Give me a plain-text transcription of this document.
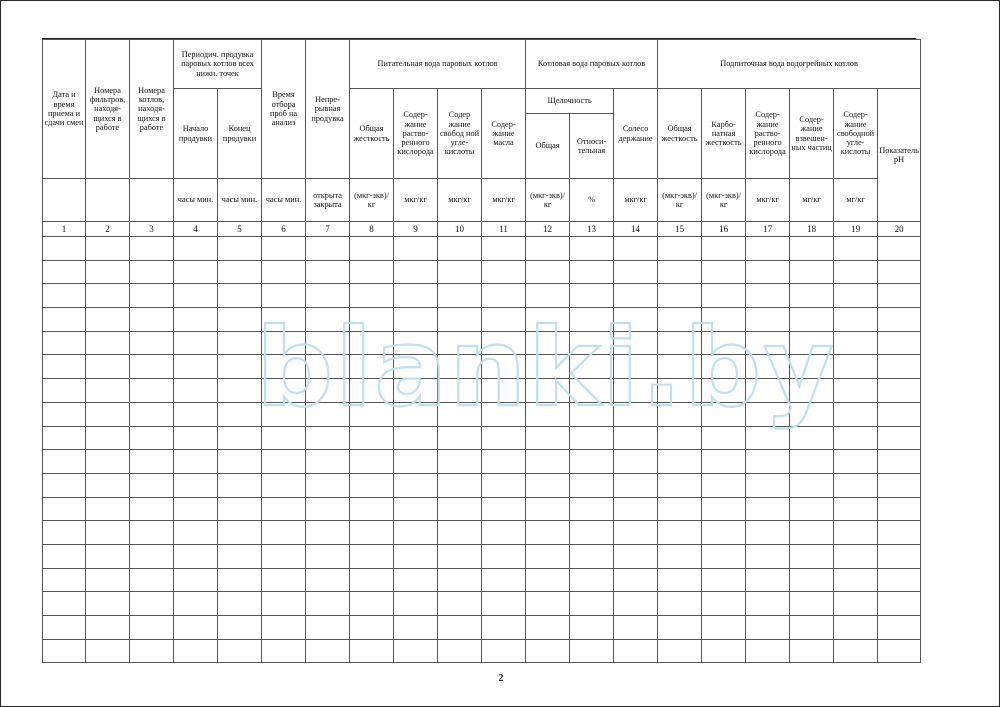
Дата и время приема и сдачи смен	Номера фильтров, находящихся в работе	Номера котлов, находящихся в работе	Периодич. продувка паровых котлов всех нижн. точек		Время отбора проб на анализ	Непрерывная продувка	Питательная вода паровых котлов				Котловая вода паровых котлов			Подпиточная вода водогрейных котлов					
			Начало продувки	Конец продувки			Общая жесткость	Содержание растворенного кислорода	Содер жание свобод ной углекислоты	Содержание масла	Щелочность		Солесо держание	Общая жесткость	Карбонатная жесткость	Содержание растворенного кислорода	Содержание взвешенных частиц	Содержание свободной углекислоты	Показатель pH
											Общая	Относительная							
			часы мин.	часы мин.	часы мин.	открыта закрыта	(мкг-экв)/ кг	мкг/кг	мкг/кг	мкг/кг	(мкг-экв)/ кг	%	мкг/кг	(мкг-экв)/ кг	(мкг-экв)/ кг	мкг/кг	мг/кг	мг/кг	
1	2	3	4	5	6	7	8	9	10	11	12	13	14	15	16	17	18	19	20

blanki.by
2
